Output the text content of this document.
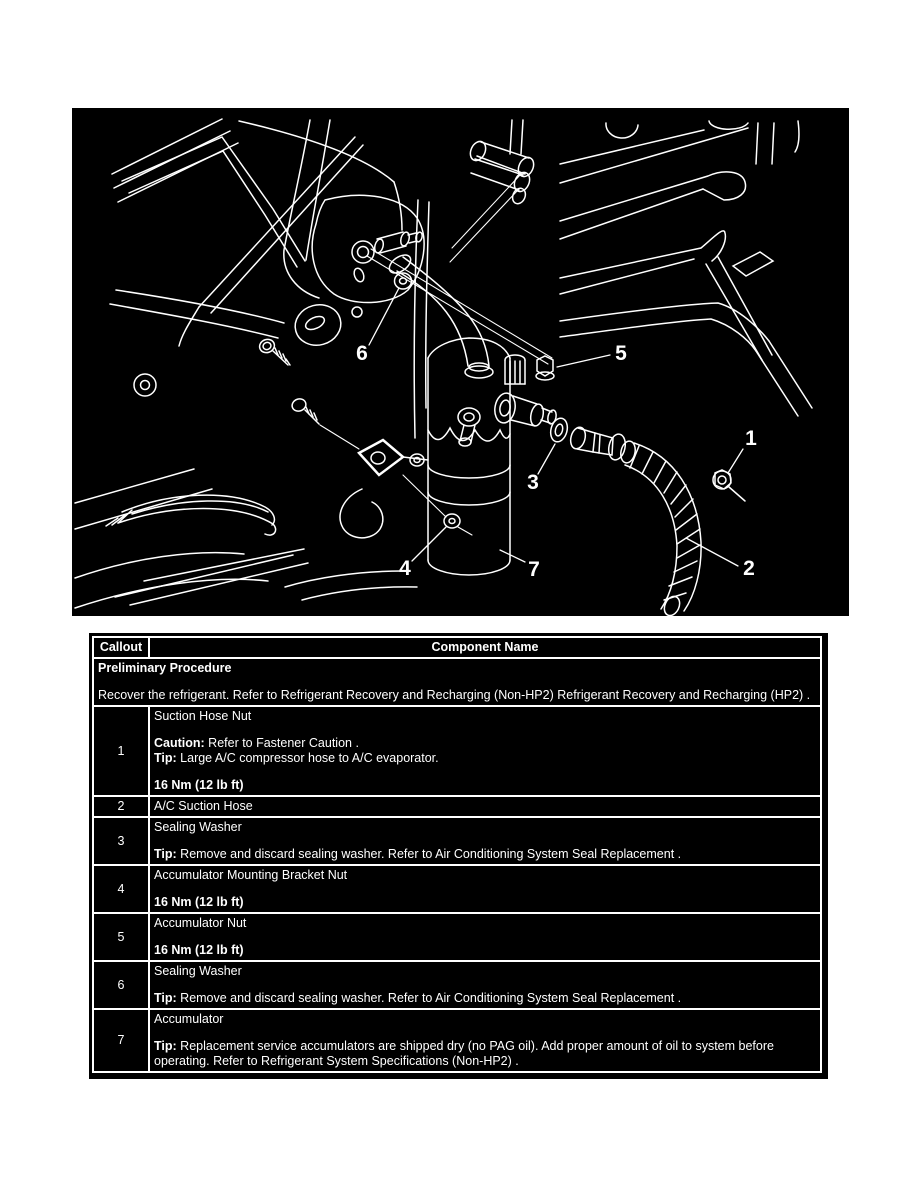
6	5
1
3
4	7	2
Callout	Component Name

Preliminary Procedure
Recover the refrigerant. Refer to Refrigerant Recovery and Recharging (Non-HP2) Refrigerant Recovery and Recharging (HP2) .	

1	Suction Hose Nut
Caution: Refer to Fastener Caution .
Tip: Large A/C compressor hose to A/C evaporator.
16 Nm (12 lb ft)

2	A/C Suction Hose

3	Sealing Washer
Tip: Remove and discard sealing washer. Refer to Air Conditioning System Seal Replacement .

4	Accumulator Mounting Bracket Nut
16 Nm (12 lb ft)

5	Accumulator Nut
16 Nm (12 lb ft)

6	Sealing Washer
Tip: Remove and discard sealing washer. Refer to Air Conditioning System Seal Replacement .

7	Accumulator
Tip: Replacement service accumulators are shipped dry (no PAG oil). Add proper amount of oil to system before operating. Refer to Refrigerant System Specifications (Non-HP2) .
